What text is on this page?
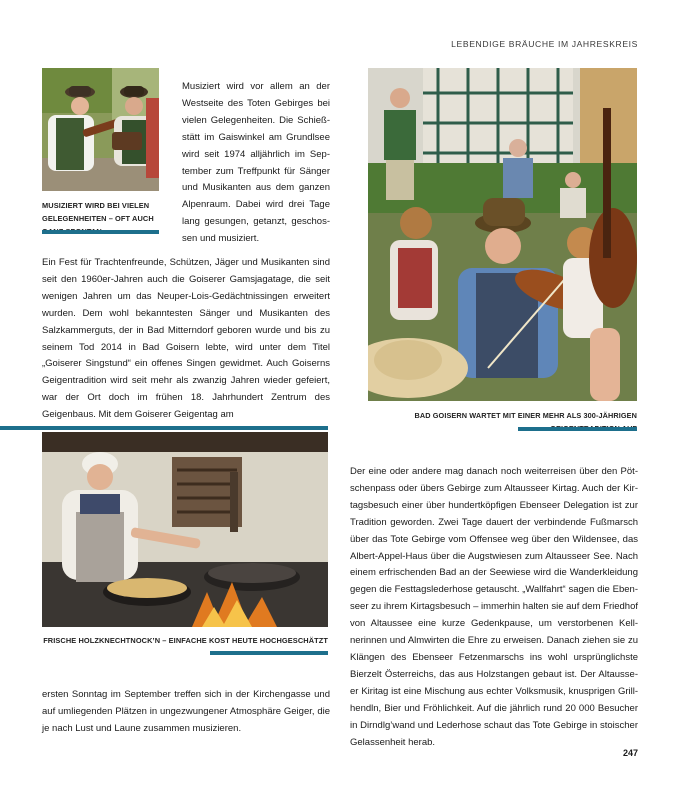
LEBENDIGE BRÄUCHE IM JAHRESKREIS
MUSIZIERT WIRD BEI VIELEN GELEGENHEITEN – OFT AUCH

Musiziert wird vor allem an der Westseite des Toten Gebirges bei vielen Gelegenheiten. Die Schießstätt im Gaiswinkel am Grundlsee wird seit 1974 alljährlich im September zum Treffpunkt für Sänger und Musikanten aus dem ganzen Alpenraum. Dabei wird drei Tage lang gesungen, getanzt, geschossen und musiziert.

Ein Fest für Trachtenfreunde, Schützen, Jäger und Musikanten sind seit den 1960er-Jahren auch die Goiserer Gamsjagatage, die seit wenigen Jahren um das Neuper-Lois-Gedächtnissingen erweitert wurden. Dem wohl bekanntesten Sänger und Musikanten des Salzkammerguts, der in Bad Mitterndorf geboren wurde und bis zu seinem Tod 2014 in Bad Goisern lebte, wird unter dem Titel „Goiserer Singstund“ ein offenes Singen gewidmet. Auch Goiserns Geigentradition wird seit mehr als zwanzig Jahren wieder gefeiert, war der Ort doch im frühen 18. Jahrhundert Zentrum des Geigenbaus. Mit dem Goiserer Geigentag am	BAD GOISERN WARTET MIT EINER MEHR ALS 300-JÄHRIGEN
FRISCHE HOLZKNECHTNOCK’N – EINFACHE KOST HEUTE HOCHGESCHÄTZT

ersten Sonntag im September treffen sich in der Kirchengasse und auf umliegenden Plätzen in ungezwungener Atmosphäre Geiger, die je nach Lust und Laune zusammen musizieren.

Der eine oder andere mag danach noch weiterreisen über den Pötschenpass oder übers Gebirge zum Altausseer Kirtag. Auch der Kirtagsbesuch einer über hundertköpfigen Ebenseer Delegation ist zur Tradition geworden. Zwei Tage dauert der verbindende Fußmarsch über das Tote Gebirge vom Offensee weg über den Wildensee, das Albert-Appel-Haus über die Augstwiesen zum Altausseer See. Nach einem erfrischenden Bad an der Seewiese wird die Wanderkleidung gegen die Festtagslederhose getauscht. „Wallfahrt“ sagen die Ebenseer zu ihrem Kirtagsbesuch – immerhin halten sie auf dem Friedhof von Altaussee eine kurze Gedenkpause, um verstorbenen Kellnerinnen und Almwirten die Ehre zu erweisen. Danach ziehen sie zu Klängen des Ebenseer Fetzenmarschs ins wohl ursprünglichste Bierzelt Österreichs, das aus Holzstangen gebaut ist. Der Altausseer Kiritag ist eine Mischung aus echter Volksmusik, knusprigen Grillhendln, Bier und Fröhlichkeit. Auf die jährlich rund 20 000 Besucher in Dirndlg’wand und Lederhose schaut das Tote Gebirge in stoischer Gelassenheit herab.

247
